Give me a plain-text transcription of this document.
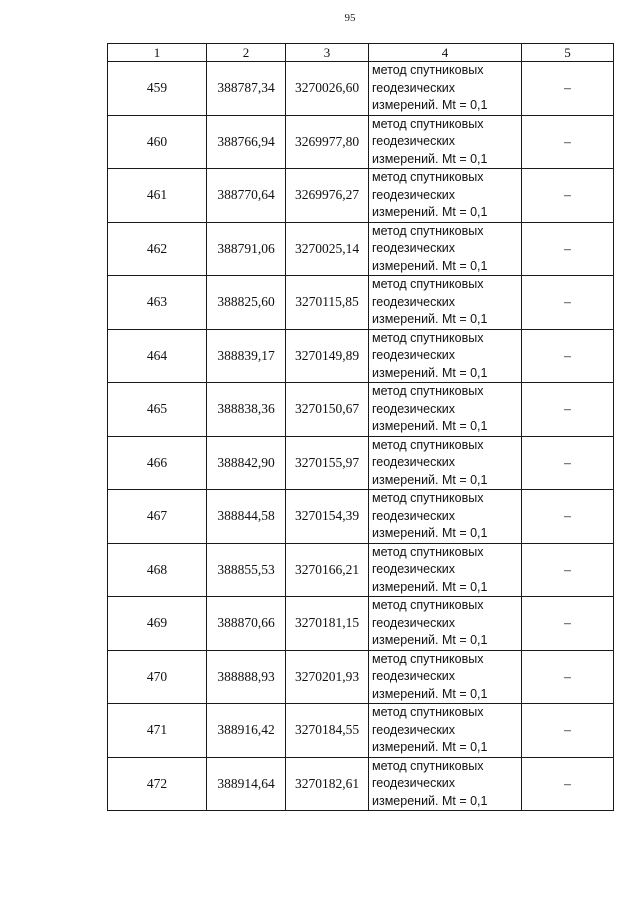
95
1	2	3	4	5
459	388787,34	3270026,60	метод спутниковых
геодезических
измерений. Mt = 0,1	–
460	388766,94	3269977,80	метод спутниковых
геодезических
измерений. Mt = 0,1	–
461	388770,64	3269976,27	метод спутниковых
геодезических
измерений. Mt = 0,1	–
462	388791,06	3270025,14	метод спутниковых
геодезических
измерений. Mt = 0,1	–
463	388825,60	3270115,85	метод спутниковых
геодезических
измерений. Mt = 0,1	–
464	388839,17	3270149,89	метод спутниковых
геодезических
измерений. Mt = 0,1	–
465	388838,36	3270150,67	метод спутниковых
геодезических
измерений. Mt = 0,1	–
466	388842,90	3270155,97	метод спутниковых
геодезических
измерений. Mt = 0,1	–
467	388844,58	3270154,39	метод спутниковых
геодезических
измерений. Mt = 0,1	–
468	388855,53	3270166,21	метод спутниковых
геодезических
измерений. Mt = 0,1	–
469	388870,66	3270181,15	метод спутниковых
геодезических
измерений. Mt = 0,1	–
470	388888,93	3270201,93	метод спутниковых
геодезических
измерений. Mt = 0,1	–
471	388916,42	3270184,55	метод спутниковых
геодезических
измерений. Mt = 0,1	–
472	388914,64	3270182,61	метод спутниковых
геодезических
измерений. Mt = 0,1	–
